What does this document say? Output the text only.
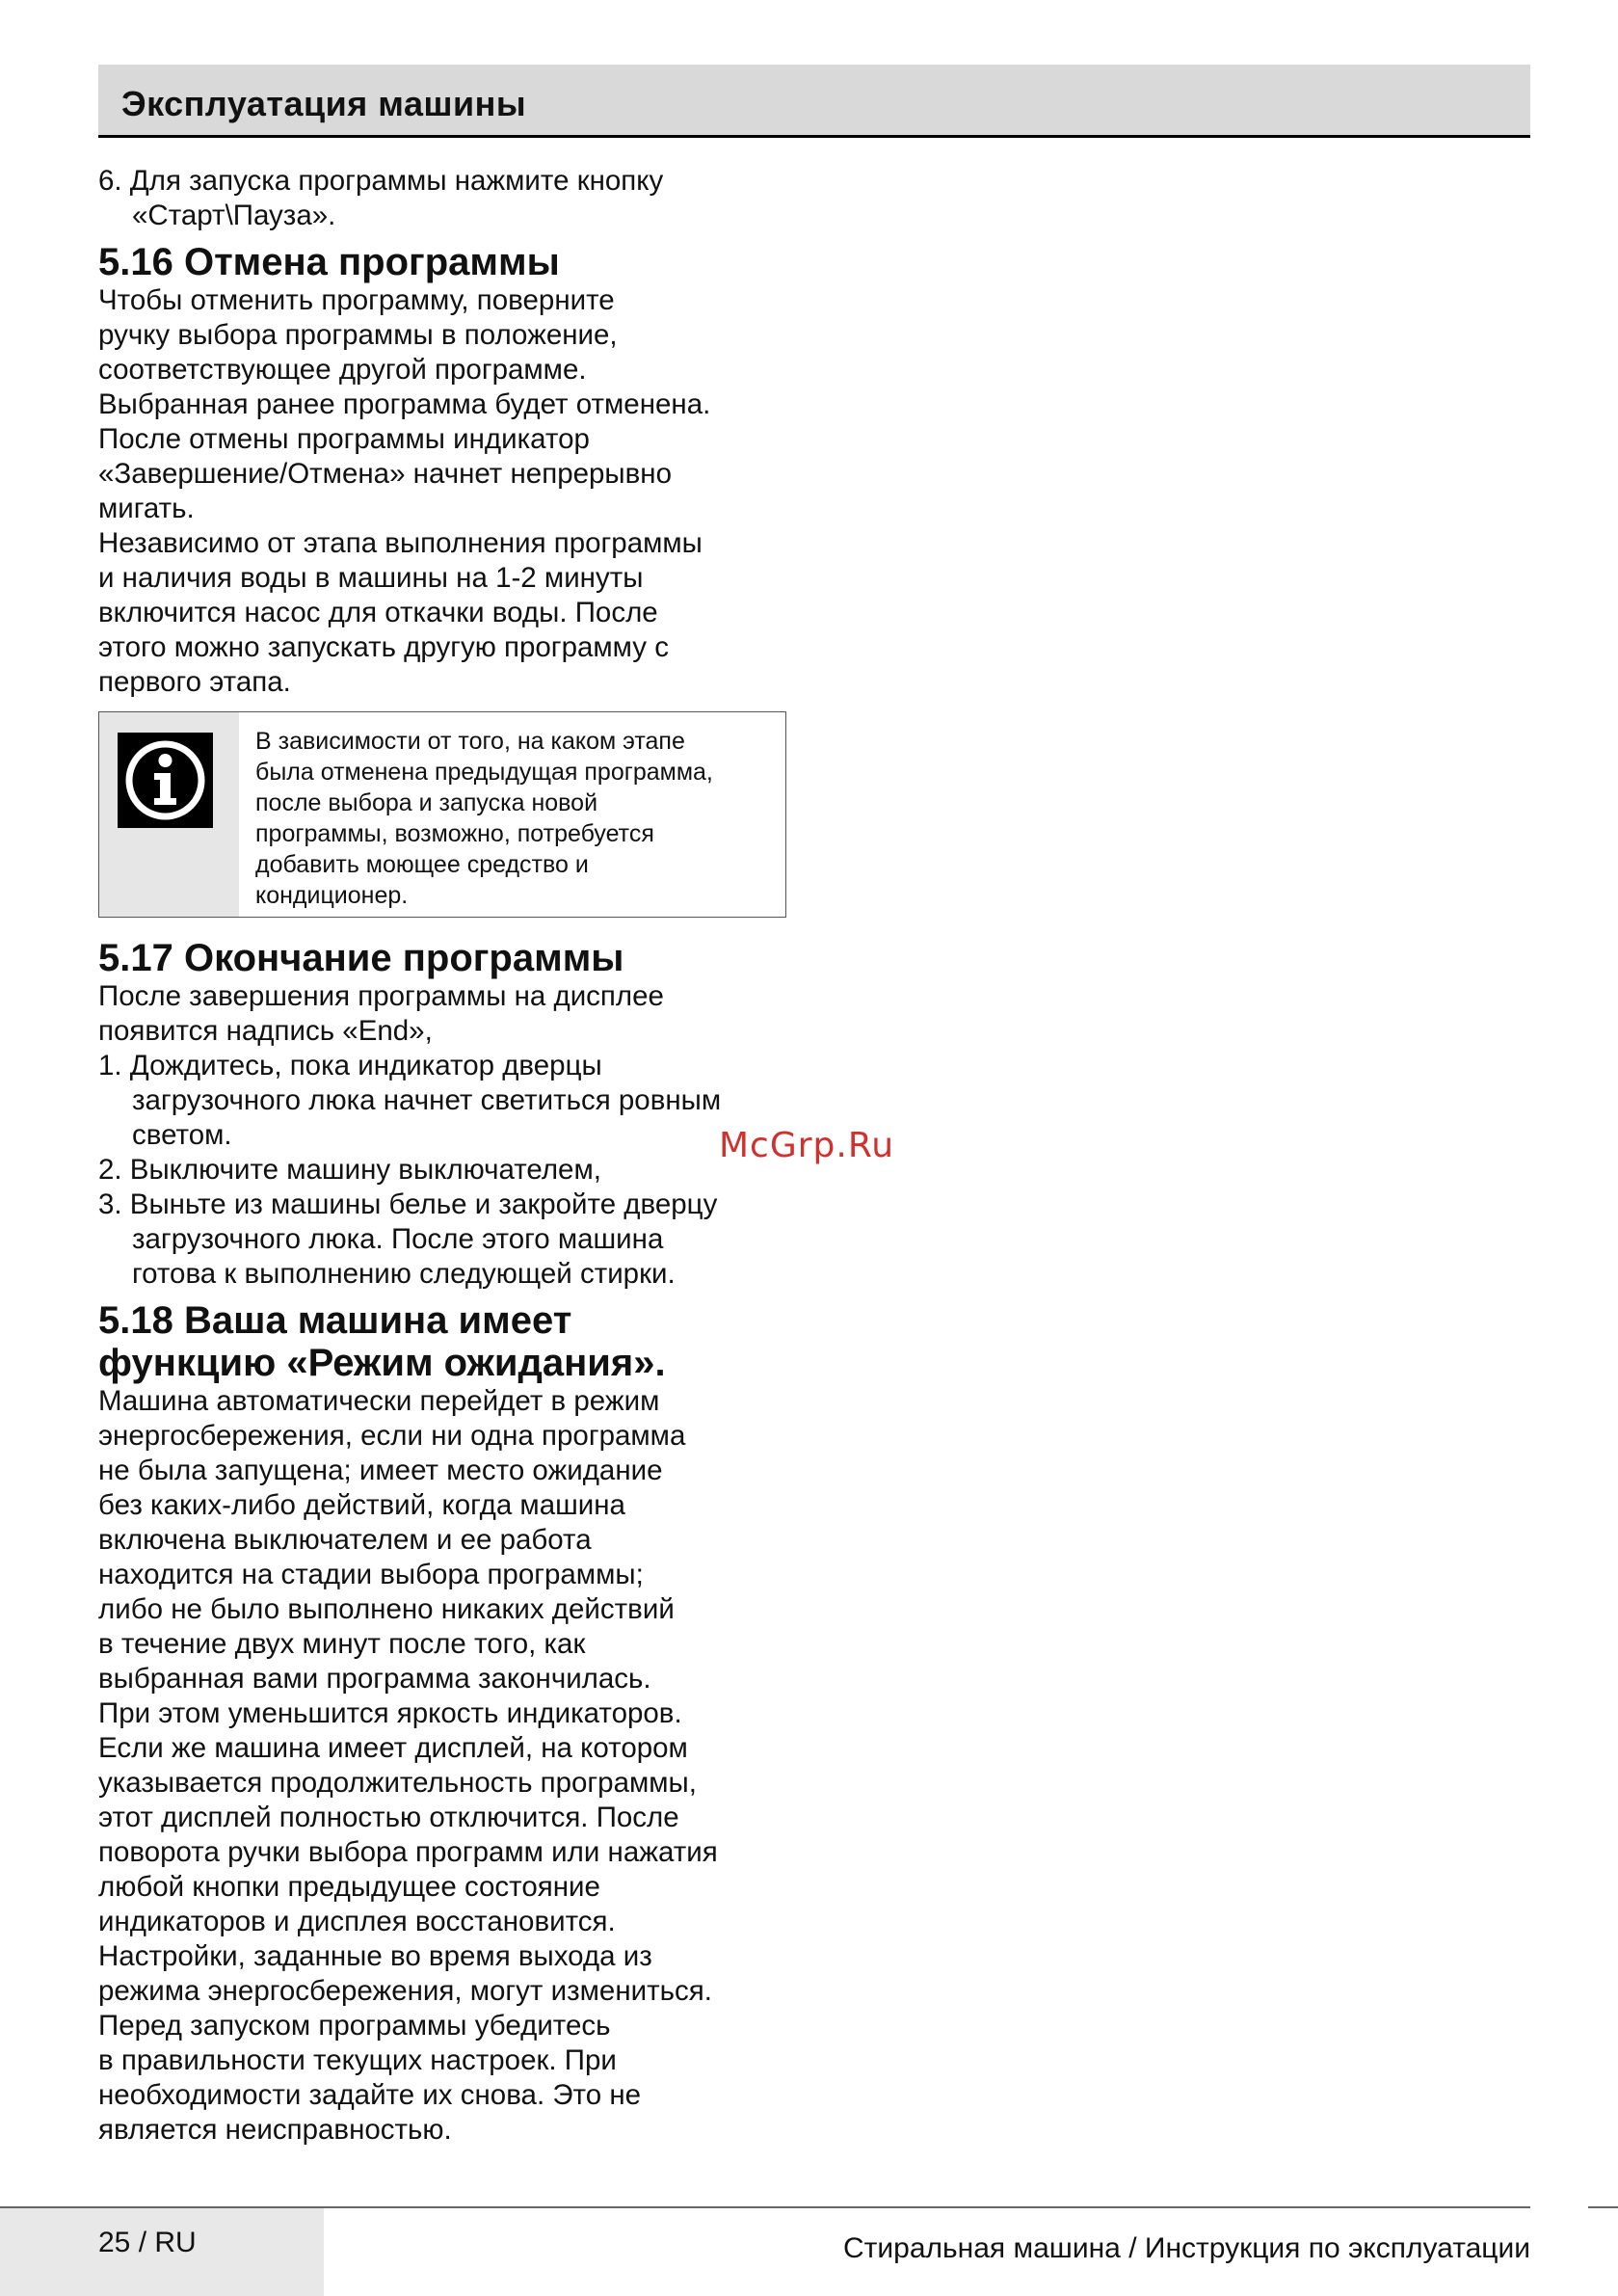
Эксплуатация машины

6. Для запуска программы нажмите кнопку
«Старт\Пауза».

5.16 Отмена программы

Чтобы отменить программу, поверните
ручку выбора программы в положение,
соответствующее другой программе.
Выбранная ранее программа будет отменена.
После отмены программы индикатор
«Завершение/Отмена» начнет непрерывно
мигать.
Независимо от этапа выполнения программы
и наличия воды в машины на 1-2 минуты
включится насос для откачки воды. После
этого можно запускать другую программу с
первого этапа.

В зависимости от того, на каком этапе
была отменена предыдущая программа,
после выбора и запуска новой
программы, возможно, потребуется
добавить моющее средство и
кондиционер.
5.17 Окончание программы

После завершения программы на дисплее
появится надпись «End»,

1. Дождитесь, пока индикатор дверцы
загрузочного люка начнет светиться ровным
светом.

2. Выключите машину выключателем,

3. Выньте из машины белье и закройте дверцу
загрузочного люка. После этого машина
готова к выполнению следующей стирки.

5.18 Ваша машина имеет
функцию «Режим ожидания».

Машина автоматически перейдет в режим
энергосбережения, если ни одна программа
не была запущена; имеет место ожидание
без каких-либо действий, когда машина
включена выключателем и ее работа
находится на стадии выбора программы;
либо не было выполнено никаких действий
в течение двух минут после того, как
выбранная вами программа закончилась.
При этом уменьшится яркость индикаторов.
Если же машина имеет дисплей, на котором
указывается продолжительность программы,
этот дисплей полностью отключится. После
поворота ручки выбора программ или нажатия
любой кнопки предыдущее состояние
индикаторов и дисплея восстановится.
Настройки, заданные во время выхода из
режима энергосбережения, могут измениться.
Перед запуском программы убедитесь
в правильности текущих настроек. При
необходимости задайте их снова. Это не
является неисправностью.

McGrp.Ru
25 / RU	Стиральная машина / Инструкция по эксплуатации
